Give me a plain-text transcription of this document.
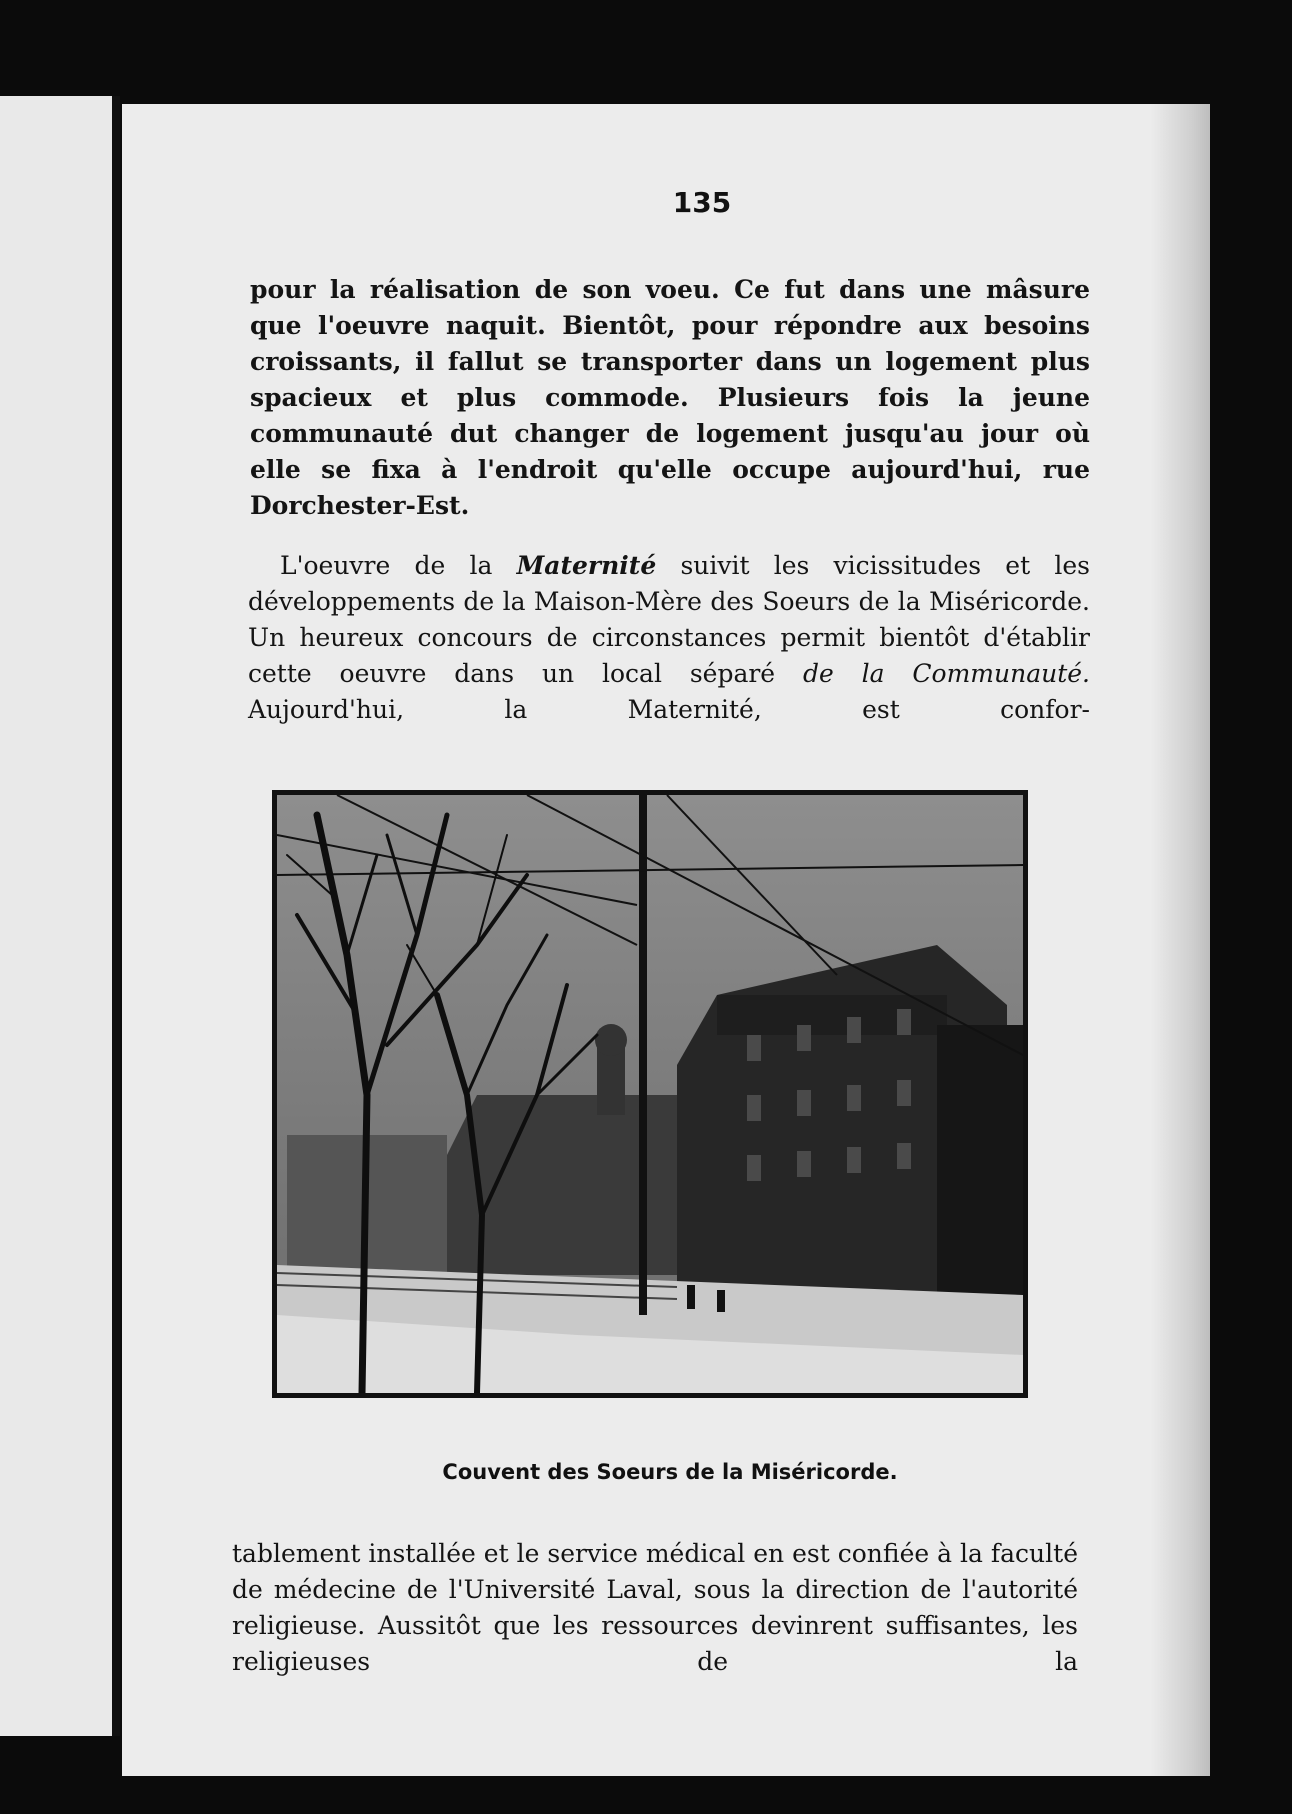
135

pour la réalisation de son voeu. Ce fut dans une mâsure que l'oeuvre naquit. Bientôt, pour répondre aux besoins croissants, il fallut se transporter dans un logement plus spacieux et plus commode. Plusieurs fois la jeune communauté dut changer de logement jusqu'au jour où elle se fixa à l'endroit qu'elle occupe aujourd'hui, rue Dorchester-Est.

L'oeuvre de la Maternité suivit les vicissitudes et les développements de la Maison-Mère des Soeurs de la Miséricorde. Un heureux concours de circonstances permit bientôt d'établir cette oeuvre dans un local séparé de la Communauté. Aujourd'hui, la Maternité, est confor-

Couvent des Soeurs de la Miséricorde.

tablement installée et le service médical en est confiée à la faculté de médecine de l'Université Laval, sous la direction de l'autorité religieuse. Aussitôt que les ressources devinrent suffisantes, les religieuses de la
